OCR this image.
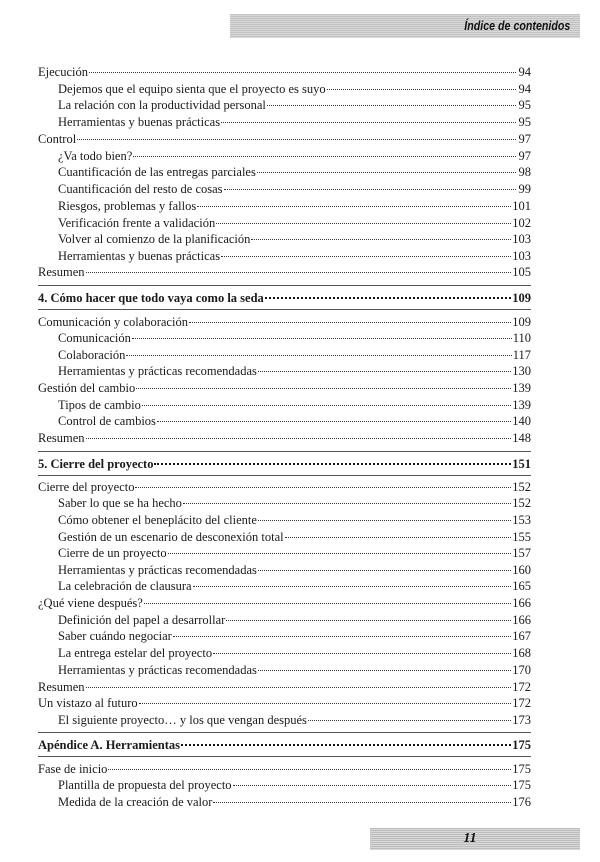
Índice de contenidos
Ejecución	94
Dejemos que el equipo sienta que el proyecto es suyo	94
La relación con la productividad personal	95
Herramientas y buenas prácticas	95
Control	97
¿Va todo bien?	97
Cuantificación de las entregas parciales	98
Cuantificación del resto de cosas	99
Riesgos, problemas y fallos	101
Verificación frente a validación	102
Volver al comienzo de la planificación	103
Herramientas y buenas prácticas	103
Resumen	105
4. Cómo hacer que todo vaya como la seda	109
Comunicación y colaboración	109
Comunicación	110
Colaboración	117
Herramientas y prácticas recomendadas	130
Gestión del cambio	139
Tipos de cambio	139
Control de cambios	140
Resumen	148
5. Cierre del proyecto	151
Cierre del proyecto	152
Saber lo que se ha hecho	152
Cómo obtener el beneplácito del cliente	153
Gestión de un escenario de desconexión total	155
Cierre de un proyecto	157
Herramientas y prácticas recomendadas	160
La celebración de clausura	165
¿Qué viene después?	166
Definición del papel a desarrollar	166
Saber cuándo negociar	167
La entrega estelar del proyecto	168
Herramientas y prácticas recomendadas	170
Resumen	172
Un vistazo al futuro	172
El siguiente proyecto… y los que vengan después	173
Apéndice A. Herramientas	175
Fase de inicio	175
Plantilla de propuesta del proyecto	175
Medida de la creación de valor	176
11
